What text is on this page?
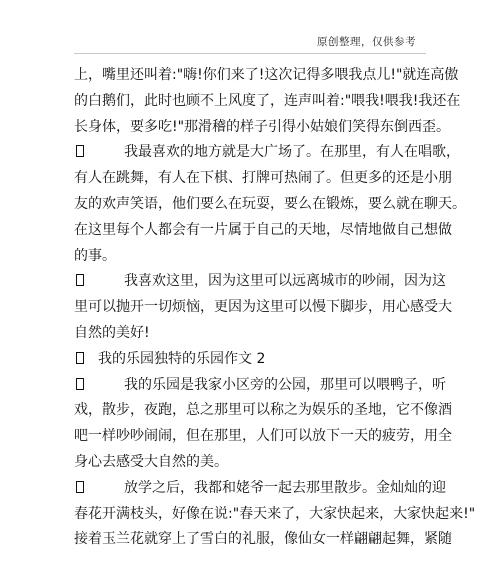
原创整理，仅供参考
上，嘴里还叫着:"嗨!你们来了!这次记得多喂我点儿!"就连高傲
的白鹅们，此时也顾不上风度了，连声叫着:"喂我!喂我!我还在
长身体，要多吃!"那滑稽的样子引得小姑娘们笑得东倒西歪。
我最喜欢的地方就是大广场了。在那里，有人在唱歌，
有人在跳舞，有人在下棋、打牌可热闹了。但更多的还是小朋
友的欢声笑语，他们要么在玩耍，要么在锻炼，要么就在聊天。
在这里每个人都会有一片属于自己的天地，尽情地做自己想做
的事。
我喜欢这里，因为这里可以远离城市的吵闹，因为这
里可以抛开一切烦恼，更因为这里可以慢下脚步，用心感受大
自然的美好!
我的乐园独特的乐园作文 2
我的乐园是我家小区旁的公园，那里可以喂鸭子，听
戏，散步，夜跑，总之那里可以称之为娱乐的圣地，它不像酒
吧一样吵吵闹闹，但在那里，人们可以放下一天的疲劳，用全
身心去感受大自然的美。
放学之后，我都和姥爷一起去那里散步。金灿灿的迎
春花开满枝头，好像在说:"春天来了，大家快起来，大家快起来!"
接着玉兰花就穿上了雪白的礼服，像仙女一样翩翩起舞，紧随
